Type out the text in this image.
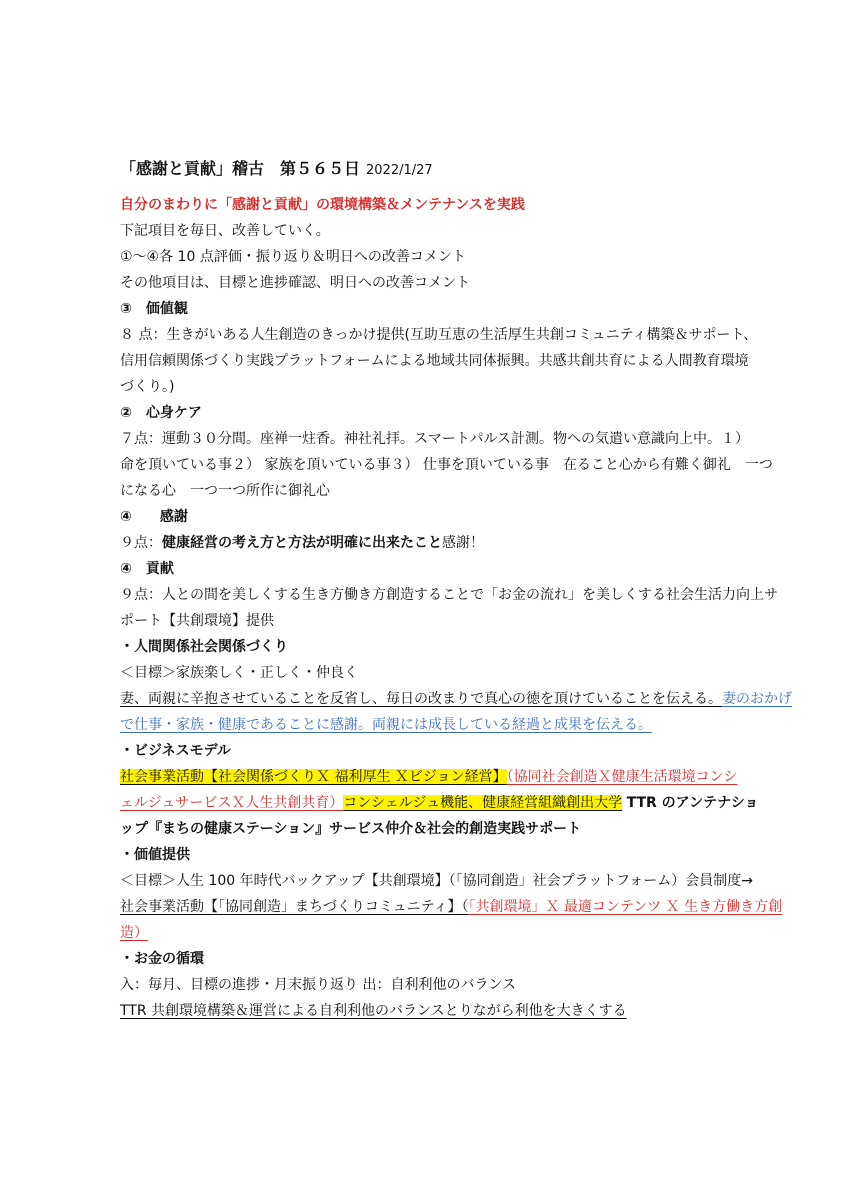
「感謝と貢献」稽古　第５６５日 2022/1/27
自分のまわりに「感謝と貢献」の環境構築＆メンテナンスを実践
下記項目を毎日、改善していく。
①～④各 10 点評価・振り返り＆明日への改善コメント
その他項目は、目標と進捗確認、明日への改善コメント
③　価値観
８ 点：生きがいある人生創造のきっかけ提供(互助互恵の生活厚生共創コミュニティ構築＆サポート、
信用信頼関係づくり実践プラットフォームによる地域共同体振興。共感共創共育による人間教育環境
づくり。)
②　心身ケア
７点：運動３０分間。座禅一炷香。神社礼拝。スマートパルス計測。物への気遣い意識向上中。１）
命を頂いている事２） 家族を頂いている事３） 仕事を頂いている事　在ること心から有難く御礼　一つ
になる心　一つ一つ所作に御礼心
④　　感謝
９点：健康経営の考え方と方法が明確に出来たこと感謝！
④　貢献
９点：人との間を美しくする生き方働き方創造することで「お金の流れ」を美しくする社会生活力向上サ
ポート【共創環境】提供
・人間関係社会関係づくり
＜目標＞家族楽しく・正しく・仲良く
妻、両親に辛抱させていることを反省し、毎日の改まりで真心の徳を頂けていることを伝える。妻のおかげ
で仕事・家族・健康であることに感謝。両親には成長している経過と成果を伝える。
・ビジネスモデル
社会事業活動【社会関係づくりＸ 福利厚生 Ｘビジョン経営】（協同社会創造Ｘ健康生活環境コンシ
ェルジュサービスＸ人生共創共育）コンシェルジュ機能、健康経営組織創出大学 TTR のアンテナショ
ップ『まちの健康ステーション』サービス仲介＆社会的創造実践サポート
・価値提供
＜目標＞人生 100 年時代バックアップ【共創環境】（「協同創造」社会プラットフォーム）会員制度→
社会事業活動【「協同創造」まちづくりコミュニティ】（「共創環境」Ｘ 最適コンテンツ Ｘ 生き方働き方創
造）
・お金の循環
入：毎月、目標の進捗・月末振り返り 出：自利利他のバランス
TTR 共創環境構築＆運営による自利利他のバランスとりながら利他を大きくする
